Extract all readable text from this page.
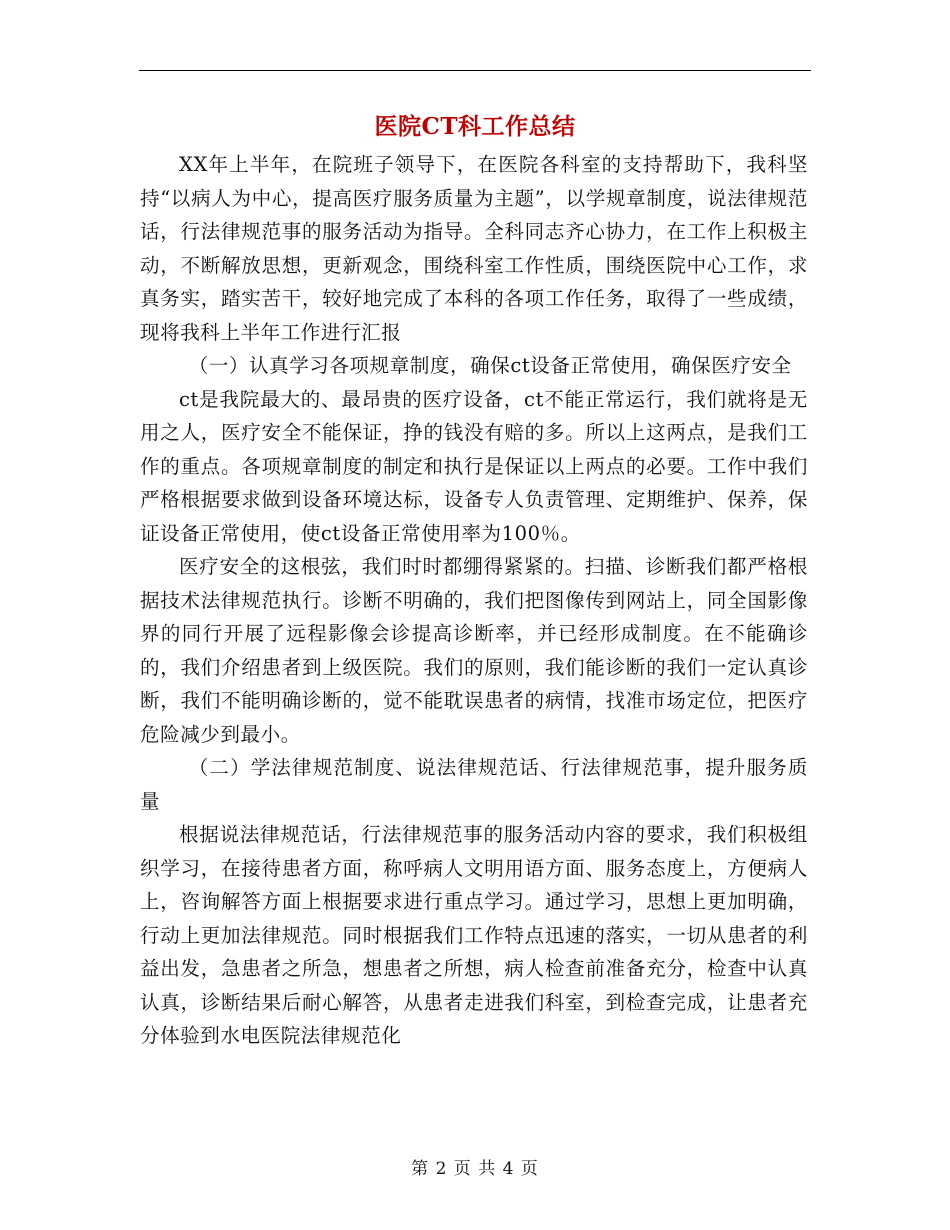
医院CT科工作总结

XX年上半年，在院班子领导下，在医院各科室的支持帮助下，我科坚持“以病人为中心，提高医疗服务质量为主题”，以学规章制度，说法律规范话，行法律规范事的服务活动为指导。全科同志齐心协力，在工作上积极主动，不断解放思想，更新观念，围绕科室工作性质，围绕医院中心工作，求真务实，踏实苦干，较好地完成了本科的各项工作任务，取得了一些成绩，现将我科上半年工作进行汇报

（一）认真学习各项规章制度，确保ct设备正常使用，确保医疗安全

ct是我院最大的、最昂贵的医疗设备，ct不能正常运行，我们就将是无用之人，医疗安全不能保证，挣的钱没有赔的多。所以上这两点，是我们工作的重点。各项规章制度的制定和执行是保证以上两点的必要。工作中我们严格根据要求做到设备环境达标，设备专人负责管理、定期维护、保养，保证设备正常使用，使ct设备正常使用率为100％。

医疗安全的这根弦，我们时时都绷得紧紧的。扫描、诊断我们都严格根据技术法律规范执行。诊断不明确的，我们把图像传到网站上，同全国影像界的同行开展了远程影像会诊提高诊断率，并已经形成制度。在不能确诊的，我们介绍患者到上级医院。我们的原则，我们能诊断的我们一定认真诊断，我们不能明确诊断的，觉不能耽误患者的病情，找准市场定位，把医疗危险减少到最小。

（二）学法律规范制度、说法律规范话、行法律规范事，提升服务质量

根据说法律规范话，行法律规范事的服务活动内容的要求，我们积极组织学习，在接待患者方面，称呼病人文明用语方面、服务态度上，方便病人上，咨询解答方面上根据要求进行重点学习。通过学习，思想上更加明确，行动上更加法律规范。同时根据我们工作特点迅速的落实，一切从患者的利益出发，急患者之所急，想患者之所想，病人检查前准备充分，检查中认真认真，诊断结果后耐心解答，从患者走进我们科室，到检查完成，让患者充分体验到水电医院法律规范化

第 2 页 共 4 页
